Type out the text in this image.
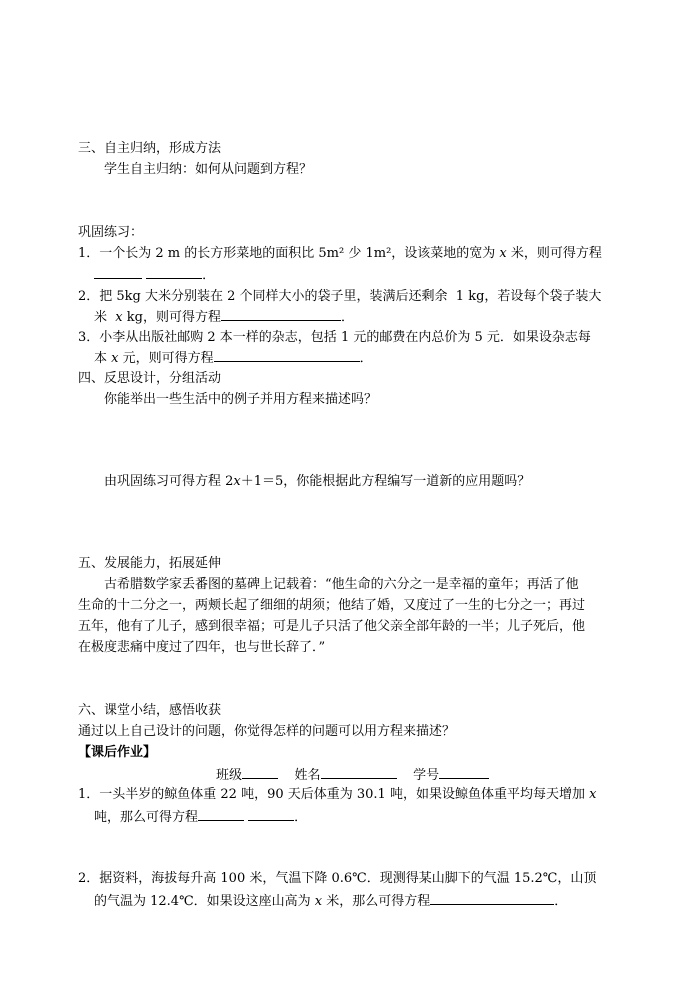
三、自主归纳，形成方法
学生自主归纳：如何从问题到方程？
巩固练习：
1．一个长为 2 m 的长方形菜地的面积比 5m² 少 1m²，设该菜地的宽为 x 米，则可得方程
．
2．把 5kg 大米分别装在 2 个同样大小的袋子里，装满后还剩余  1 kg，若设每个袋子装大
米  x kg，则可得方程	．
3．小李从出版社邮购 2 本一样的杂志，包括 1 元的邮费在内总价为 5 元．如果设杂志每
本 x 元，则可得方程	．
四、反思设计，分组活动
你能举出一些生活中的例子并用方程来描述吗？
由巩固练习可得方程 2x＋1＝5，你能根据此方程编写一道新的应用题吗？
五、发展能力，拓展延伸
古希腊数学家丢番图的墓碑上记载着：“他生命的六分之一是幸福的童年；再活了他
生命的十二分之一，两颊长起了细细的胡须；他结了婚，又度过了一生的七分之一；再过
五年，他有了儿子，感到很幸福；可是儿子只活了他父亲全部年龄的一半；儿子死后，他
在极度悲痛中度过了四年，也与世长辞了．”
六、课堂小结，感悟收获
通过以上自己设计的问题，你觉得怎样的问题可以用方程来描述？
【课后作业】
班级	姓名	学号
1．一头半岁的鲸鱼体重 22 吨，90 天后体重为 30.1 吨，如果设鲸鱼体重平均每天增加 x
吨，那么可得方程	．
2．据资料，海拔每升高 100 米，气温下降 0.6℃．现测得某山脚下的气温 15.2℃，山顶
的气温为 12.4℃．如果设这座山高为 x 米，那么可得方程	．
